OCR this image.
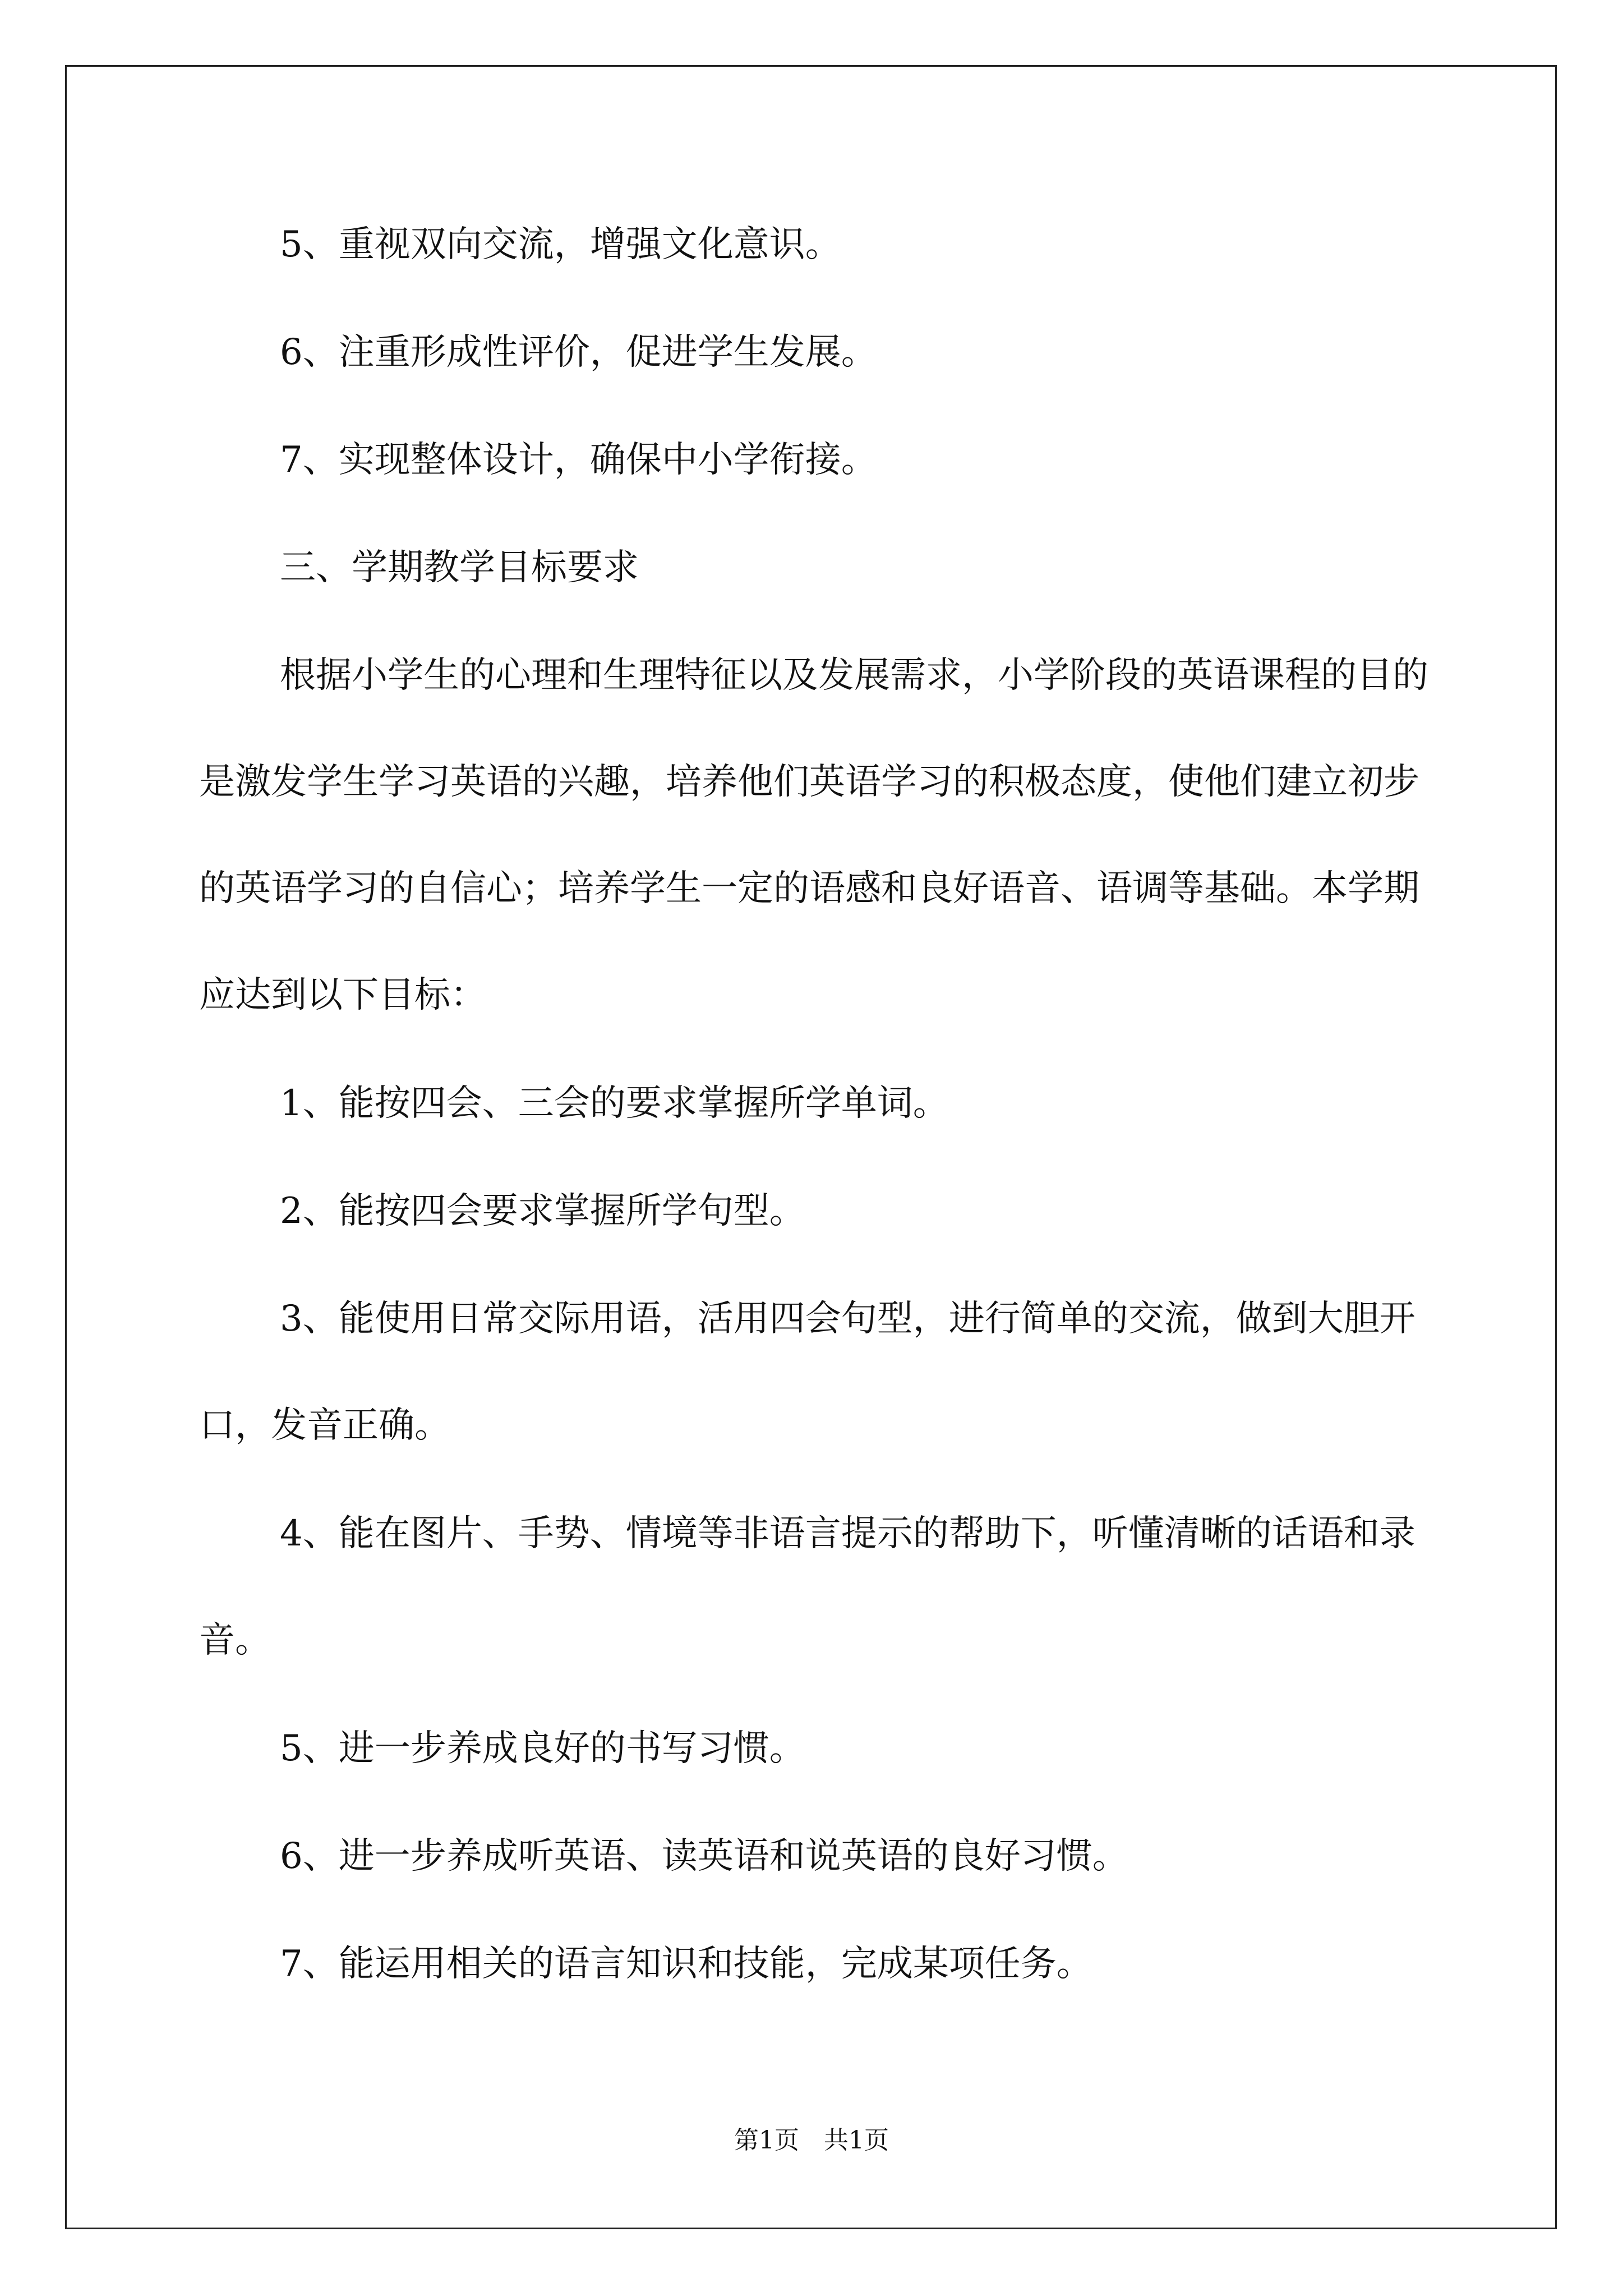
5、重视双向交流，增强文化意识。

6、注重形成性评价，促进学生发展。

7、实现整体设计，确保中小学衔接。

三、学期教学目标要求

根据小学生的心理和生理特征以及发展需求，小学阶段的英语课程的目的是激发学生学习英语的兴趣，培养他们英语学习的积极态度，使他们建立初步的英语学习的自信心；培养学生一定的语感和良好语音、语调等基础。本学期应达到以下目标：

1、能按四会、三会的要求掌握所学单词。

2、能按四会要求掌握所学句型。

3、能使用日常交际用语，活用四会句型，进行简单的交流，做到大胆开口，发音正确。

4、能在图片、手势、情境等非语言提示的帮助下，听懂清晰的话语和录音。

5、进一步养成良好的书写习惯。

6、进一步养成听英语、读英语和说英语的良好习惯。

7、能运用相关的语言知识和技能，完成某项任务。

第1页　共1页
